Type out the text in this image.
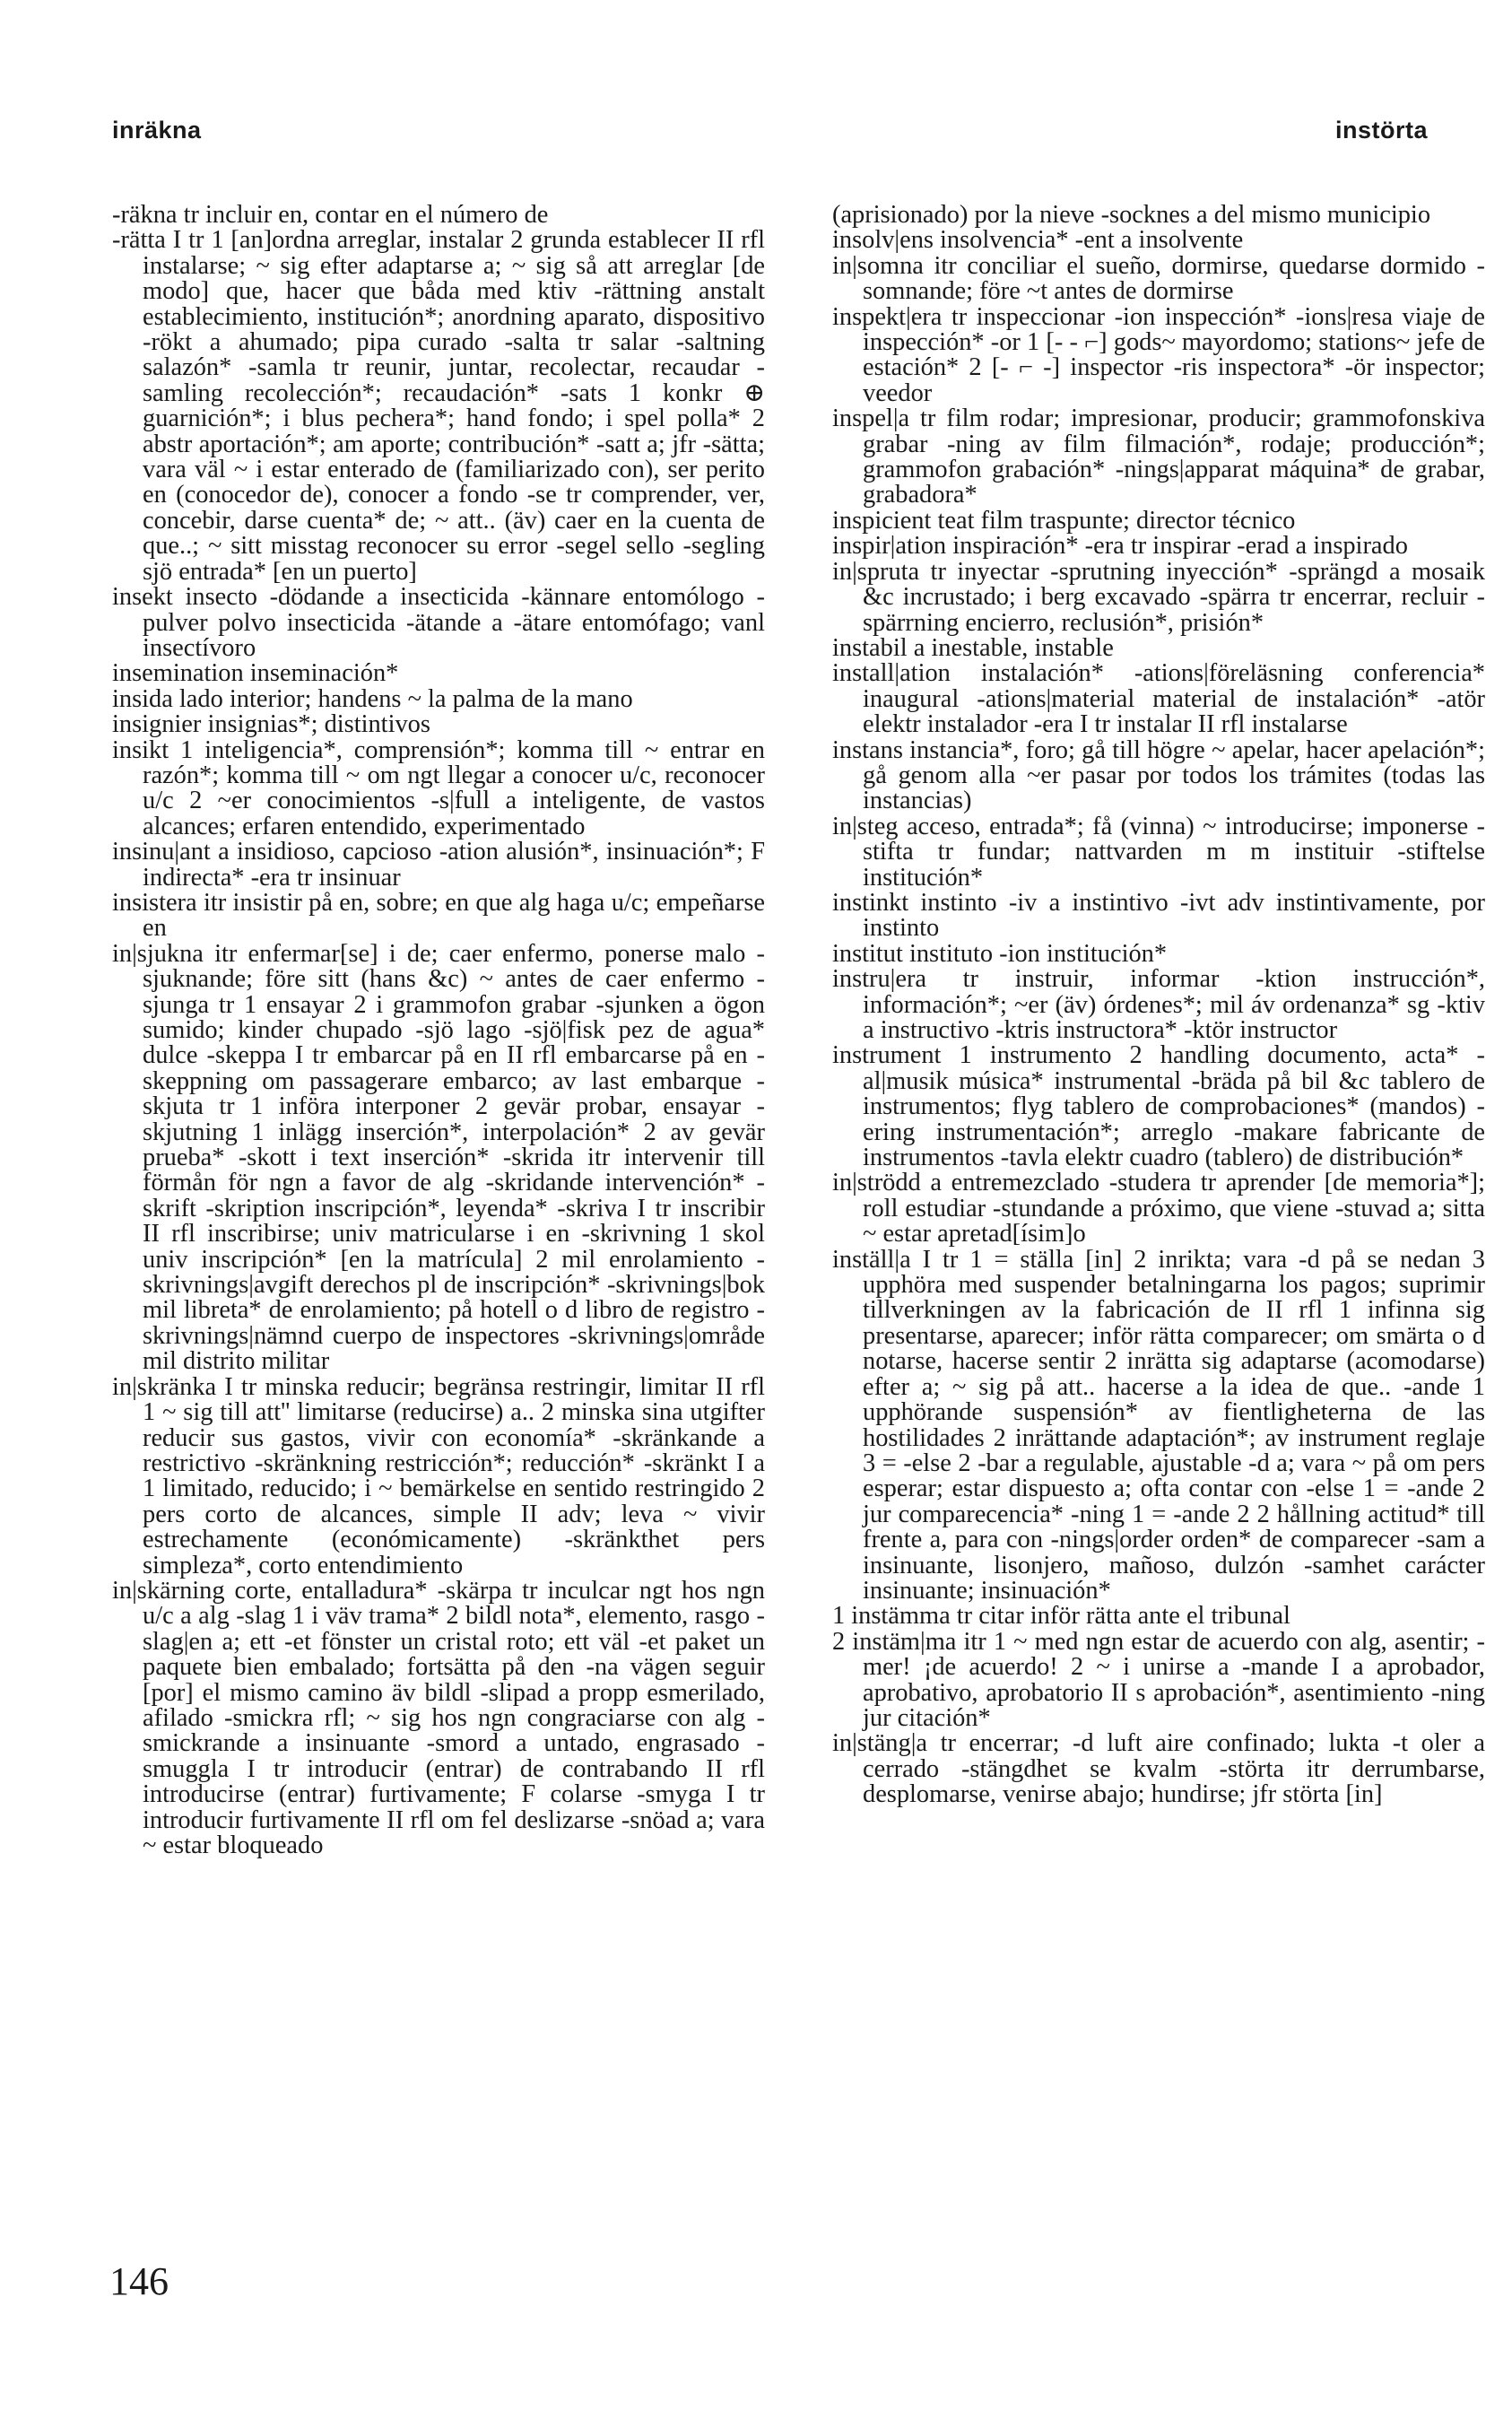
inräkna	instörta

-räkna tr incluir en, contar en el número de

-rätta I tr 1 [an]ordna arreglar, instalar 2 grunda establecer II rfl instalarse; ~ sig efter adaptarse a; ~ sig så att arreglar [de modo] que, hacer que båda med ktiv -rättning anstalt establecimiento, institución*; anordning aparato, dispositivo -rökt a ahumado; pipa curado -salta tr salar -saltning salazón* -samla tr reunir, juntar, recolectar, recaudar -samling recolección*; recaudación* -sats 1 konkr ⊕ guarnición*; i blus pechera*; hand fondo; i spel polla* 2 abstr aportación*; am aporte; contribución* -satt a; jfr -sätta; vara väl ~ i estar enterado de (familiarizado con), ser perito en (conocedor de), conocer a fondo -se tr comprender, ver, concebir, darse cuenta* de; ~ att.. (äv) caer en la cuenta de que..; ~ sitt misstag reconocer su error -segel sello -segling sjö entrada* [en un puerto]

insekt insecto -dödande a insecticida -kännare entomólogo -pulver polvo insecticida -ätande a -ätare entomófago; vanl insectívoro

insemination inseminación*

insida lado interior; handens ~ la palma de la mano

insignier insignias*; distintivos

insikt 1 inteligencia*, comprensión*; komma till ~ entrar en razón*; komma till ~ om ngt llegar a conocer u/c, reconocer u/c 2 ~er conocimientos -s|full a inteligente, de vastos alcances; erfaren entendido, experimentado

insinu|ant a insidioso, capcioso -ation alusión*, insinuación*; F indirecta* -era tr insinuar

insistera itr insistir på en, sobre; en que alg haga u/c; empeñarse en

in|sjukna itr enfermar[se] i de; caer enfermo, ponerse malo -sjuknande; före sitt (hans &c) ~ antes de caer enfermo -sjunga tr 1 ensayar 2 i grammofon grabar -sjunken a ögon sumido; kinder chupado -sjö lago -sjö|fisk pez de agua* dulce -skeppa I tr embarcar på en II rfl embarcarse på en -skeppning om passagerare embarco; av last embarque -skjuta tr 1 införa interponer 2 gevär probar, ensayar -skjutning 1 inlägg inserción*, interpolación* 2 av gevär prueba* -skott i text inserción* -skrida itr intervenir till förmån för ngn a favor de alg -skridande intervención* -skrift -skription inscripción*, leyenda* -skriva I tr inscribir II rfl inscribirse; univ matricularse i en -skrivning 1 skol univ inscripción* [en la matrícula] 2 mil enrolamiento -skrivnings|avgift derechos pl de inscripción* -skrivnings|bok mil libreta* de enrolamiento; på hotell o d libro de registro -skrivnings|nämnd cuerpo de inspectores -skrivnings|område mil distrito militar

in|skränka I tr minska reducir; begränsa restringir, limitar II rfl 1 ~ sig till att'' limitarse (reducirse) a.. 2 minska sina utgifter reducir sus gastos, vivir con economía* -skränkande a restrictivo -skränkning restricción*; reducción* -skränkt I a 1 limitado, reducido; i ~ bemärkelse en sentido restringido 2 pers corto de alcances, simple II adv; leva ~ vivir estrechamente (económicamente) -skränkthet pers simpleza*, corto entendimiento

in|skärning corte, entalladura* -skärpa tr inculcar ngt hos ngn u/c a alg -slag 1 i väv trama* 2 bildl nota*, elemento, rasgo -slag|en a; ett -et fönster un cristal roto; ett väl -et paket un paquete bien embalado; fortsätta på den -na vägen seguir [por] el mismo camino äv bildl -slipad a propp esmerilado, afilado -smickra rfl; ~ sig hos ngn congraciarse con alg -smickrande a insinuante -smord a untado, engrasado -smuggla I tr introducir (entrar) de contrabando II rfl introducirse (entrar) furtivamente; F colarse -smyga I tr introducir furtivamente II rfl om fel deslizarse -snöad a; vara ~ estar bloqueado

(aprisionado) por la nieve -socknes a del mismo municipio

insolv|ens insolvencia* -ent a insolvente

in|somna itr conciliar el sueño, dormirse, quedarse dormido -somnande; före ~t antes de dormirse

inspekt|era tr inspeccionar -ion inspección* -ions|resa viaje de inspección* -or 1 [- - ⌐] gods~ mayordomo; stations~ jefe de estación* 2 [- ⌐ -] inspector -ris inspectora* -ör inspector; veedor

inspel|a tr film rodar; impresionar, producir; grammofonskiva grabar -ning av film filmación*, rodaje; producción*; grammofon grabación* -nings|apparat máquina* de grabar, grabadora*

inspicient teat film traspunte; director técnico

inspir|ation inspiración* -era tr inspirar -erad a inspirado

in|spruta tr inyectar -sprutning inyección* -sprängd a mosaik &c incrustado; i berg excavado -spärra tr encerrar, recluir -spärrning encierro, reclusión*, prisión*

instabil a inestable, instable

install|ation instalación* -ations|föreläsning conferencia* inaugural -ations|material material de instalación* -atör elektr instalador -era I tr instalar II rfl instalarse

instans instancia*, foro; gå till högre ~ apelar, hacer apelación*; gå genom alla ~er pasar por todos los trámites (todas las instancias)

in|steg acceso, entrada*; få (vinna) ~ introducirse; imponerse -stifta tr fundar; nattvarden m m instituir -stiftelse institución*

instinkt instinto -iv a instintivo -ivt adv instintivamente, por instinto

institut instituto -ion institución*

instru|era tr instruir, informar -ktion instrucción*, información*; ~er (äv) órdenes*; mil áv ordenanza* sg -ktiv a instructivo -ktris instructora* -ktör instructor

instrument 1 instrumento 2 handling documento, acta* -al|musik música* instrumental -bräda på bil &c tablero de instrumentos; flyg tablero de comprobaciones* (mandos) -ering instrumentación*; arreglo -makare fabricante de instrumentos -tavla elektr cuadro (tablero) de distribución*

in|strödd a entremezclado -studera tr aprender [de memoria*]; roll estudiar -stundande a próximo, que viene -stuvad a; sitta ~ estar apretad[ísim]o

inställ|a I tr 1 = ställa [in] 2 inrikta; vara -d på se nedan 3 upphöra med suspender betalningarna los pagos; suprimir tillverkningen av la fabricación de II rfl 1 infinna sig presentarse, aparecer; inför rätta comparecer; om smärta o d notarse, hacerse sentir 2 inrätta sig adaptarse (acomodarse) efter a; ~ sig på att.. hacerse a la idea de que.. -ande 1 upphörande suspensión* av fientligheterna de las hostilidades 2 inrättande adaptación*; av instrument reglaje 3 = -else 2 -bar a regulable, ajustable -d a; vara ~ på om pers esperar; estar dispuesto a; ofta contar con -else 1 = -ande 2 jur comparecencia* -ning 1 = -ande 2 2 hållning actitud* till frente a, para con -nings|order orden* de comparecer -sam a insinuante, lisonjero, mañoso, dulzón -samhet carácter insinuante; insinuación*

1 instämma tr citar inför rätta ante el tribunal

2 instäm|ma itr 1 ~ med ngn estar de acuerdo con alg, asentir; -mer! ¡de acuerdo! 2 ~ i unirse a -mande I a aprobador, aprobativo, aprobatorio II s aprobación*, asentimiento -ning jur citación*

in|stäng|a tr encerrar; -d luft aire confinado; lukta -t oler a cerrado -stängdhet se kvalm -störta itr derrumbarse, desplomarse, venirse abajo; hundirse; jfr störta [in]

146
